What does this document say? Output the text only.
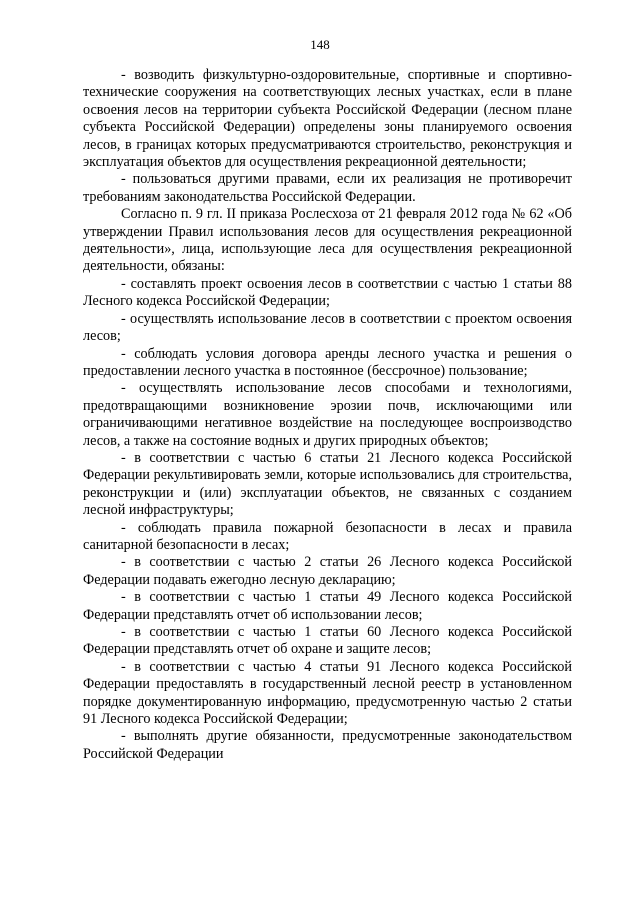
148

- возводить физкультурно-оздоровительные, спортивные и спортивно-технические сооружения на соответствующих лесных участках, если в плане освоения лесов на территории субъекта Российской Федерации (лесном плане субъекта Российской Федерации) определены зоны планируемого освоения лесов, в границах которых предусматриваются строительство, реконструкция и эксплуатация объектов для осуществления рекреационной деятельности;

- пользоваться другими правами, если их реализация не противоречит требованиям законодательства Российской Федерации.

Согласно п. 9 гл. II приказа Рослесхоза от 21 февраля 2012 года № 62 «Об утверждении Правил использования лесов для осуществления рекреационной деятельности», лица, использующие леса для осуществления рекреационной деятельности, обязаны:

- составлять проект освоения лесов в соответствии с частью 1 статьи 88 Лесного кодекса Российской Федерации;

- осуществлять использование лесов в соответствии с проектом освоения лесов;

- соблюдать условия договора аренды лесного участка и решения о предоставлении лесного участка в постоянное (бессрочное) пользование;

- осуществлять использование лесов способами и технологиями, предотвращающими возникновение эрозии почв, исключающими или ограничивающими негативное воздействие на последующее воспроизводство лесов, а также на состояние водных и других природных объектов;

- в соответствии с частью 6 статьи 21 Лесного кодекса Российской Федерации рекультивировать земли, которые использовались для строительства, реконструкции и (или) эксплуатации объектов, не связанных с созданием лесной инфраструктуры;

- соблюдать правила пожарной безопасности в лесах и правила санитарной безопасности в лесах;

- в соответствии с частью 2 статьи 26 Лесного кодекса Российской Федерации подавать ежегодно лесную декларацию;

- в соответствии с частью 1 статьи 49 Лесного кодекса Российской Федерации представлять отчет об использовании лесов;

- в соответствии с частью 1 статьи 60 Лесного кодекса Российской Федерации представлять отчет об охране и защите лесов;

- в соответствии с частью 4 статьи 91 Лесного кодекса Российской Федерации предоставлять в государственный лесной реестр в установленном порядке документированную информацию, предусмотренную частью 2 статьи 91 Лесного кодекса Российской Федерации;

- выполнять другие обязанности, предусмотренные законодательством Российской Федерации
